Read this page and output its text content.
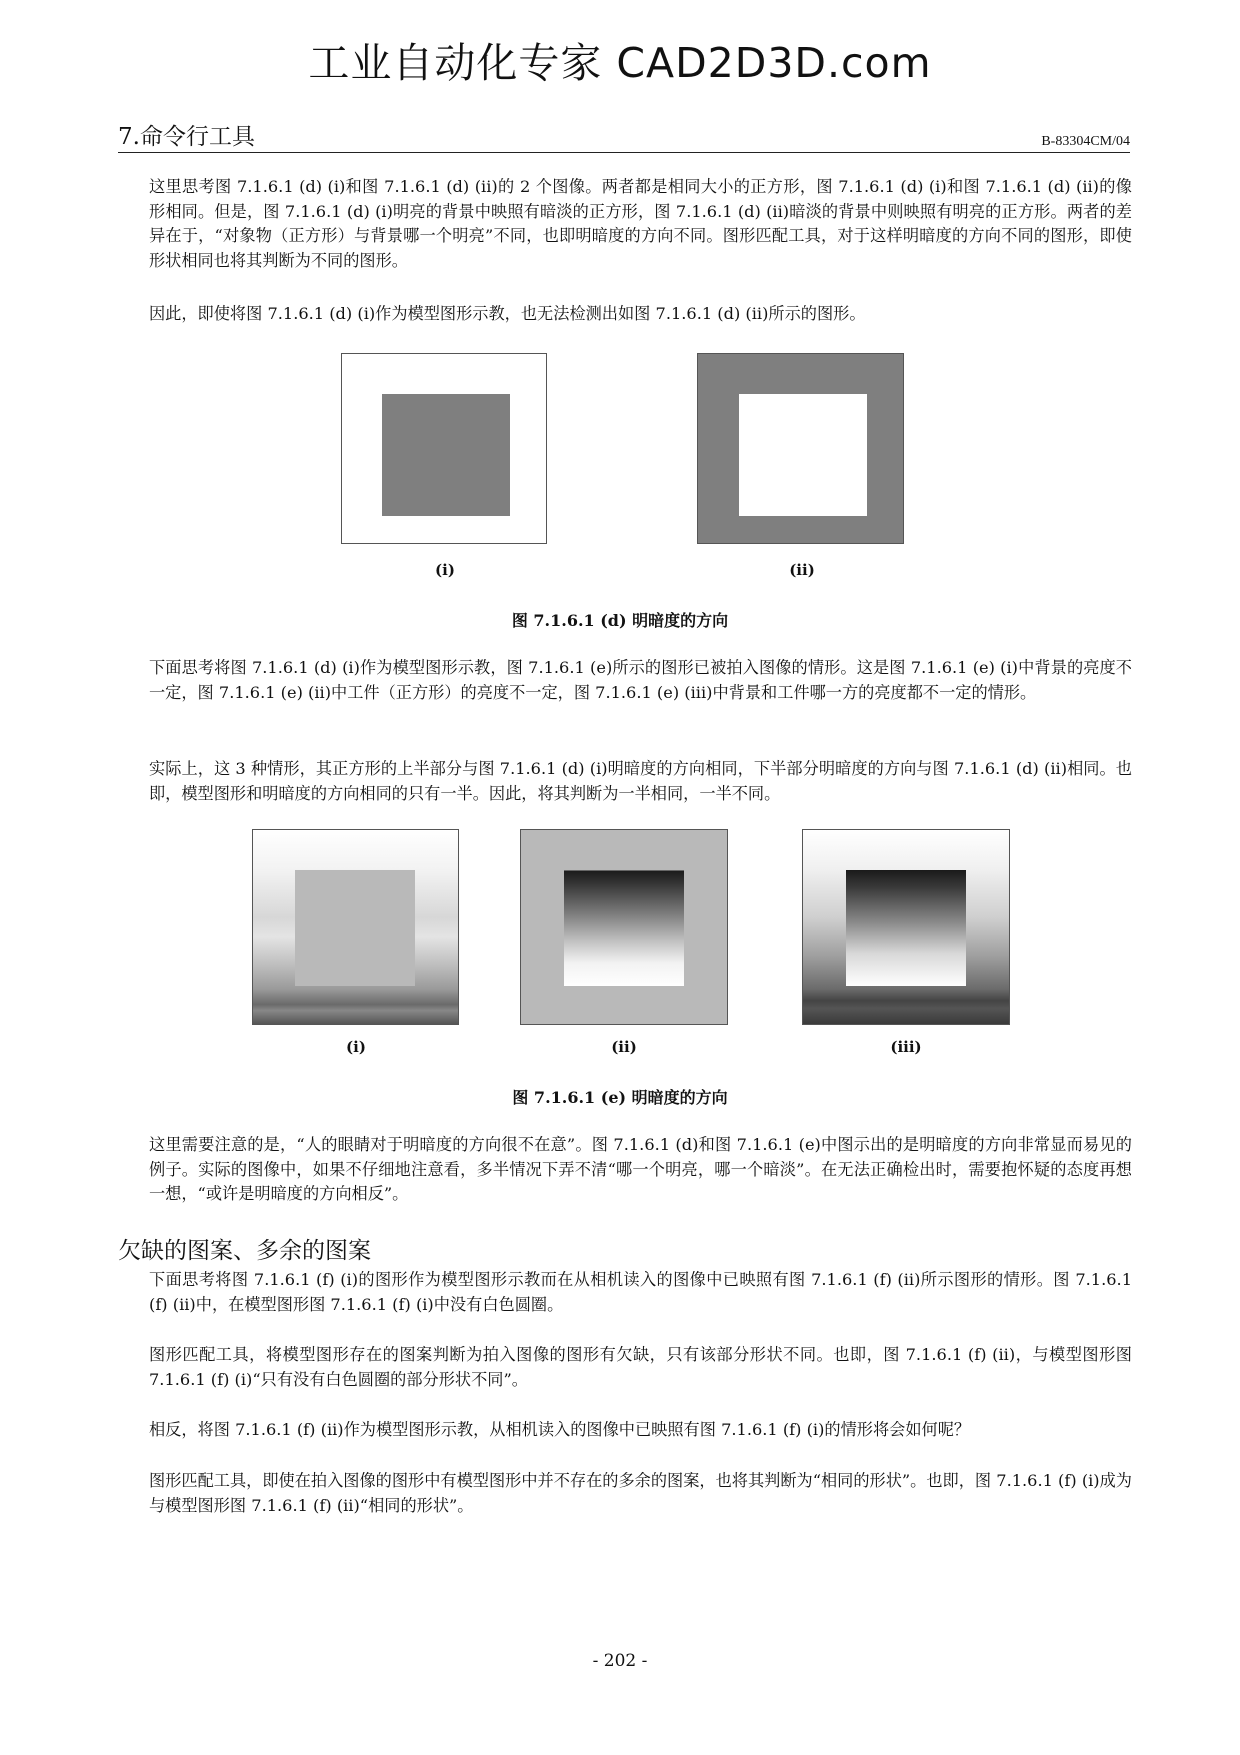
工业自动化专家 CAD2D3D.com
7.命令行工具	B-83304CM/04
这里思考图 7.1.6.1 (d) (i)和图 7.1.6.1 (d) (ii)的 2 个图像。两者都是相同大小的正方形，图 7.1.6.1 (d) (i)和图 7.1.6.1 (d) (ii)的像形相同。但是，图 7.1.6.1 (d) (i)明亮的背景中映照有暗淡的正方形，图 7.1.6.1 (d) (ii)暗淡的背景中则映照有明亮的正方形。两者的差异在于，“对象物（正方形）与背景哪一个明亮”不同，也即明暗度的方向不同。图形匹配工具，对于这样明暗度的方向不同的图形，即使形状相同也将其判断为不同的图形。
因此，即使将图 7.1.6.1 (d) (i)作为模型图形示教，也无法检测出如图 7.1.6.1 (d) (ii)所示的图形。
(i)	(ii)
图 7.1.6.1 (d) 明暗度的方向
下面思考将图 7.1.6.1 (d) (i)作为模型图形示教，图 7.1.6.1 (e)所示的图形已被拍入图像的情形。这是图 7.1.6.1 (e) (i)中背景的亮度不一定，图 7.1.6.1 (e) (ii)中工件（正方形）的亮度不一定，图 7.1.6.1 (e) (iii)中背景和工件哪一方的亮度都不一定的情形。
实际上，这 3 种情形，其正方形的上半部分与图 7.1.6.1 (d) (i)明暗度的方向相同，下半部分明暗度的方向与图 7.1.6.1 (d) (ii)相同。也即，模型图形和明暗度的方向相同的只有一半。因此，将其判断为一半相同，一半不同。
(i)	(ii)	(iii)
图 7.1.6.1 (e) 明暗度的方向
这里需要注意的是，“人的眼睛对于明暗度的方向很不在意”。图 7.1.6.1 (d)和图 7.1.6.1 (e)中图示出的是明暗度的方向非常显而易见的例子。实际的图像中，如果不仔细地注意看，多半情况下弄不清“哪一个明亮，哪一个暗淡”。在无法正确检出时，需要抱怀疑的态度再想一想，“或许是明暗度的方向相反”。
欠缺的图案、多余的图案
下面思考将图 7.1.6.1 (f) (i)的图形作为模型图形示教而在从相机读入的图像中已映照有图 7.1.6.1 (f) (ii)所示图形的情形。图 7.1.6.1 (f) (ii)中，在模型图形图 7.1.6.1 (f) (i)中没有白色圆圈。
图形匹配工具，将模型图形存在的图案判断为拍入图像的图形有欠缺，只有该部分形状不同。也即，图 7.1.6.1 (f) (ii)，与模型图形图 7.1.6.1 (f) (i)“只有没有白色圆圈的部分形状不同”。
相反，将图 7.1.6.1 (f) (ii)作为模型图形示教，从相机读入的图像中已映照有图 7.1.6.1 (f) (i)的情形将会如何呢？
图形匹配工具，即使在拍入图像的图形中有模型图形中并不存在的多余的图案，也将其判断为“相同的形状”。也即，图 7.1.6.1 (f) (i)成为与模型图形图 7.1.6.1 (f) (ii)“相同的形状”。
- 202 -
